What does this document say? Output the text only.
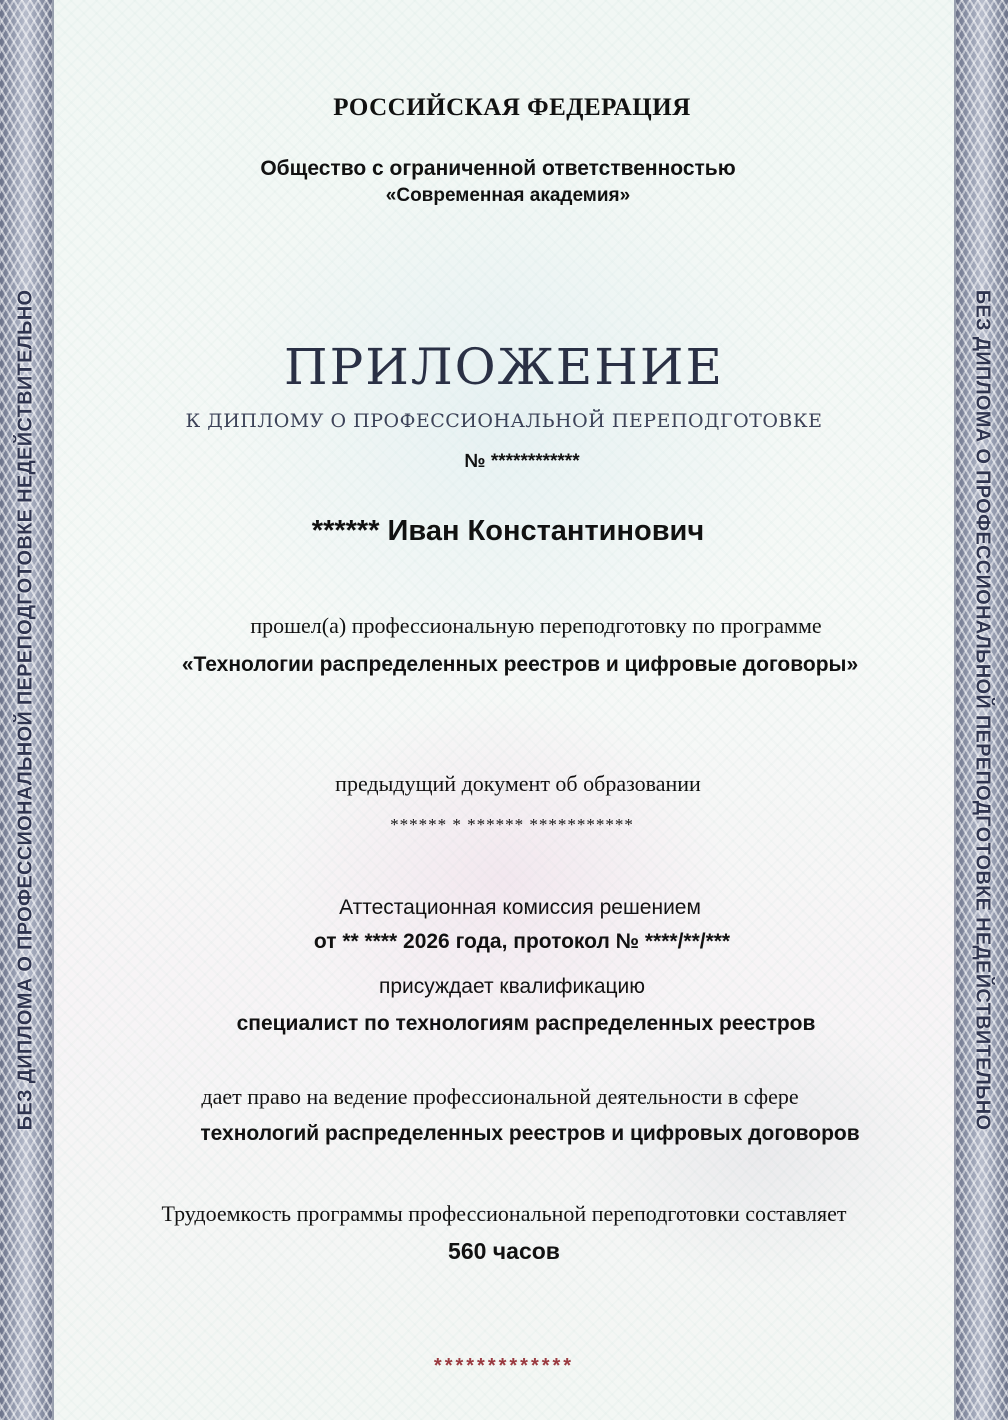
БЕЗ ДИПЛОМА О ПРОФЕССИОНАЛЬНОЙ ПЕРЕПОДГОТОВКЕ НЕДЕЙСТВИТЕЛЬНО	БЕЗ ДИПЛОМА О ПРОФЕССИОНАЛЬНОЙ ПЕРЕПОДГОТОВКЕ НЕДЕЙСТВИТЕЛЬНО
РОССИЙСКАЯ ФЕДЕРАЦИЯ
Общество с ограниченной ответственностью
«Современная академия»
ПРИЛОЖЕНИЕ
К ДИПЛОМУ О ПРОФЕССИОНАЛЬНОЙ ПЕРЕПОДГОТОВКЕ
№ ************
****** Иван Константинович
прошел(а) профессиональную переподготовку по программе
«Технологии распределенных реестров и цифровые договоры»
предыдущий документ об образовании
****** * ****** ***********
Аттестационная комиссия решением
от ** **** 2026 года, протокол № ****/**/***
присуждает квалификацию
специалист по технологиям распределенных реестров
дает право на ведение профессиональной деятельности в сфере
технологий распределенных реестров и цифровых договоров
Трудоемкость программы профессиональной переподготовки составляет
560 часов
*************
